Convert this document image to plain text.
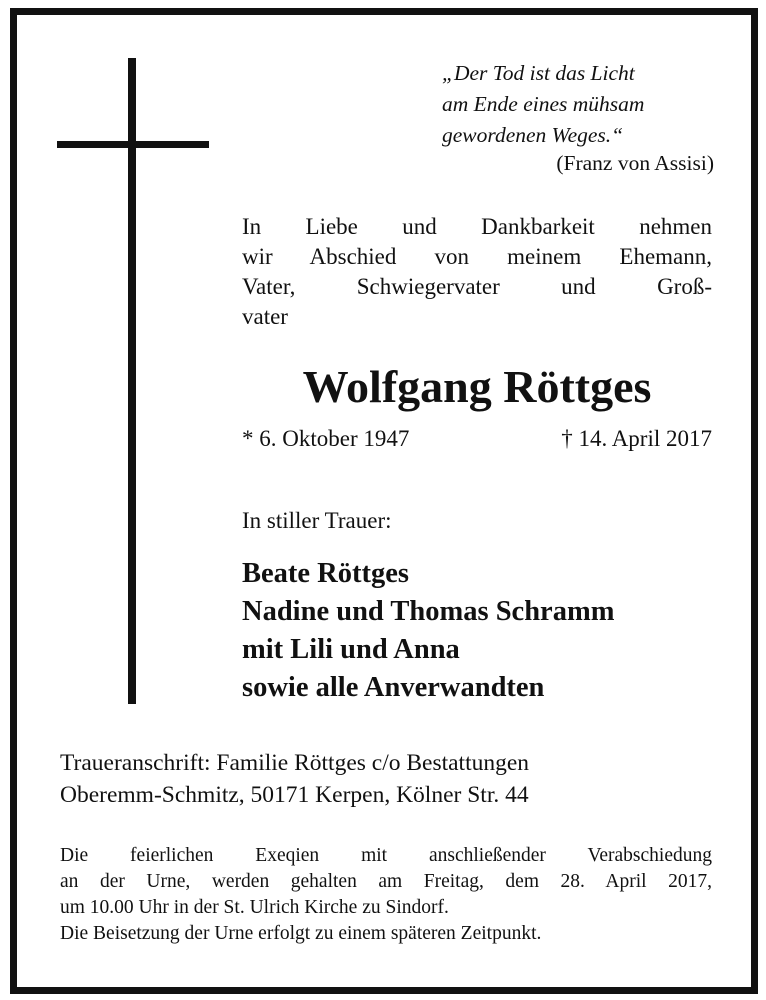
„Der Tod ist das Licht
am Ende eines mühsam
gewordenen Weges.“
(Franz von Assisi)
In Liebe und Dankbarkeit nehmen
wir Abschied von meinem Ehemann,
Vater, Schwiegervater und Groß-
vater
Wolfgang Röttges
* 6. Oktober 1947	† 14. April 2017
In stiller Trauer:
Beate Röttges
Nadine und Thomas Schramm
mit Lili und Anna
sowie alle Anverwandten
Traueranschrift: Familie Röttges c/o Bestattungen
Oberemm-Schmitz, 50171 Kerpen, Kölner Str. 44
Die feierlichen Exeqien mit anschließender Verabschiedung
an der Urne, werden gehalten am Freitag, dem 28. April 2017,
um 10.00 Uhr in der St. Ulrich Kirche zu Sindorf.
Die Beisetzung der Urne erfolgt zu einem späteren Zeitpunkt.
